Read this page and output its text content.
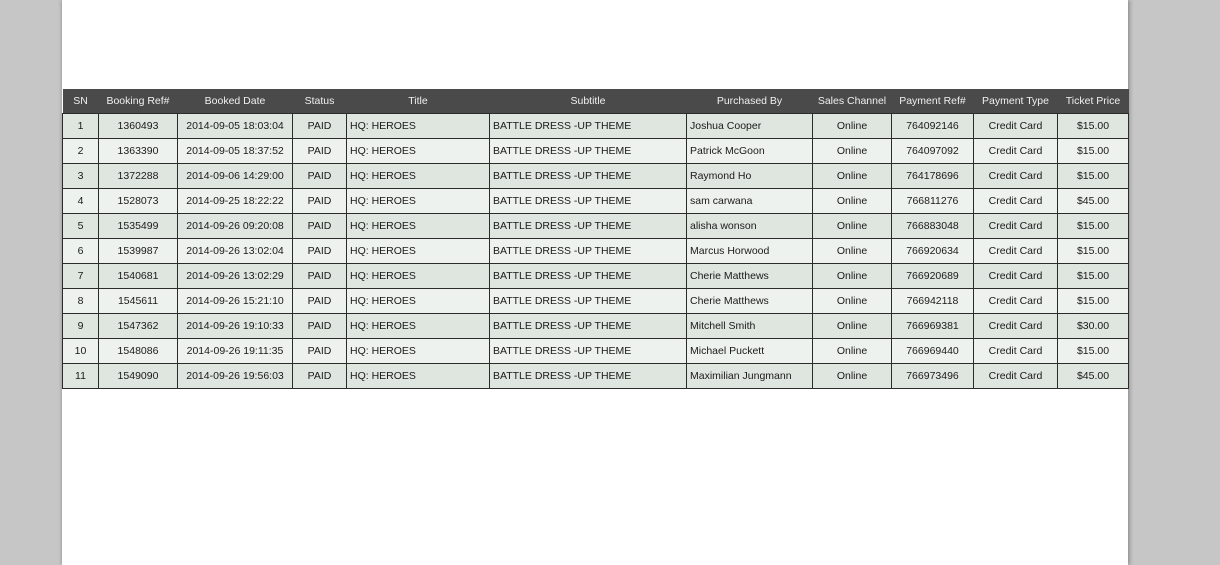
SN	Booking Ref#	Booked Date	Status	Title	Subtitle	Purchased By	Sales Channel	Payment Ref#	Payment Type	Ticket Price
1	1360493	2014-09-05 18:03:04	PAID	HQ: HEROES	BATTLE DRESS -UP THEME	Joshua Cooper	Online	764092146	Credit Card	$15.00
2	1363390	2014-09-05 18:37:52	PAID	HQ: HEROES	BATTLE DRESS -UP THEME	Patrick McGoon	Online	764097092	Credit Card	$15.00
3	1372288	2014-09-06 14:29:00	PAID	HQ: HEROES	BATTLE DRESS -UP THEME	Raymond Ho	Online	764178696	Credit Card	$15.00
4	1528073	2014-09-25 18:22:22	PAID	HQ: HEROES	BATTLE DRESS -UP THEME	sam carwana	Online	766811276	Credit Card	$45.00
5	1535499	2014-09-26 09:20:08	PAID	HQ: HEROES	BATTLE DRESS -UP THEME	alisha wonson	Online	766883048	Credit Card	$15.00
6	1539987	2014-09-26 13:02:04	PAID	HQ: HEROES	BATTLE DRESS -UP THEME	Marcus Horwood	Online	766920634	Credit Card	$15.00
7	1540681	2014-09-26 13:02:29	PAID	HQ: HEROES	BATTLE DRESS -UP THEME	Cherie Matthews	Online	766920689	Credit Card	$15.00
8	1545611	2014-09-26 15:21:10	PAID	HQ: HEROES	BATTLE DRESS -UP THEME	Cherie Matthews	Online	766942118	Credit Card	$15.00
9	1547362	2014-09-26 19:10:33	PAID	HQ: HEROES	BATTLE DRESS -UP THEME	Mitchell Smith	Online	766969381	Credit Card	$30.00
10	1548086	2014-09-26 19:11:35	PAID	HQ: HEROES	BATTLE DRESS -UP THEME	Michael Puckett	Online	766969440	Credit Card	$15.00
11	1549090	2014-09-26 19:56:03	PAID	HQ: HEROES	BATTLE DRESS -UP THEME	Maximilian Jungmann	Online	766973496	Credit Card	$45.00
